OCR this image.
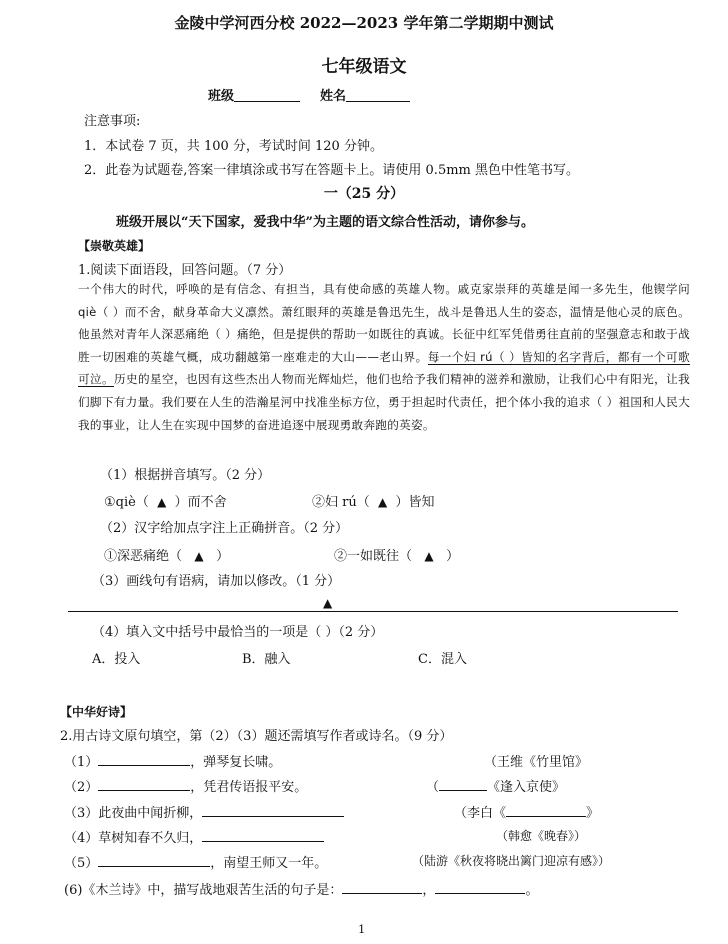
金陵中学河西分校 2022—2023 学年第二学期期中测试
七年级语文
班级	姓名
注意事项:
1．本试卷 7 页，共 100 分，考试时间 120 分钟。
2．此卷为试题卷,答案一律填涂或书写在答题卡上。请使用 0.5mm 黑色中性笔书写。
一（25 分）
班级开展以“天下国家，爱我中华”为主题的语文综合性活动，请你参与。
【崇敬英雄】
1.阅读下面语段，回答问题。（7 分）
一个伟大的时代，呼唤的是有信念、有担当，具有使命感的英雄人物。戚克家崇拜的英雄是闻一多先生，他锲学问 qiè（ ）而不舍，献身革命大义凛然。萧红眼拜的英雄是鲁迅先生，战斗是鲁迅人生的姿态，温情是他心灵的底色。他虽然对青年人深恶痛绝（ ）痛绝，但是提供的帮助一如既往的真诚。长征中红军凭借勇往直前的坚强意志和敢于战胜一切困难的英雄气概，成功翻越第一座难走的大山——老山界。每一个妇 rú（ ）皆知的名字背后，都有一个可歌可泣。历史的星空，也因有这些杰出人物而光辉灿烂，他们也给予我们精神的滋养和激励，让我们心中有阳光，让我们脚下有力量。我们要在人生的浩瀚星河中找准坐标方位，勇于担起时代责任，把个体小我的追求（ ）祖国和人民大我的事业，让人生在实现中国梦的奋进追逐中展现勇敢奔跑的英姿。
（1）根据拼音填写。（2 分）
①qiè（ ▲ ）而不舍	②妇 rú（ ▲ ）皆知
（2）汉字给加点字注上正确拼音。（2 分）
①深恶痛绝（ ▲ ）	②一如既往（ ▲ ）
（3）画线句有语病，请加以修改。（1 分）
▲
（4）填入文中括号中最恰当的一项是（ ）（2 分）
A．投入	B．融入	C．混入
【中华好诗】
2.用古诗文原句填空，第（2）（3）题还需填写作者或诗名。（9 分）
（1）	，弹琴复长啸。	（王维《竹里馆》
（2）	，凭君传语报平安。	（	《逢入京使》
（3）此夜曲中闻折柳，	（李白《	》
（4）草树知春不久归，	（韩愈《晚春》）
（5）	，南望王师又一年。	（陆游《秋夜将晓出篱门迎凉有感》）
(6)《木兰诗》中，描写战地艰苦生活的句子是：	，	。
1
